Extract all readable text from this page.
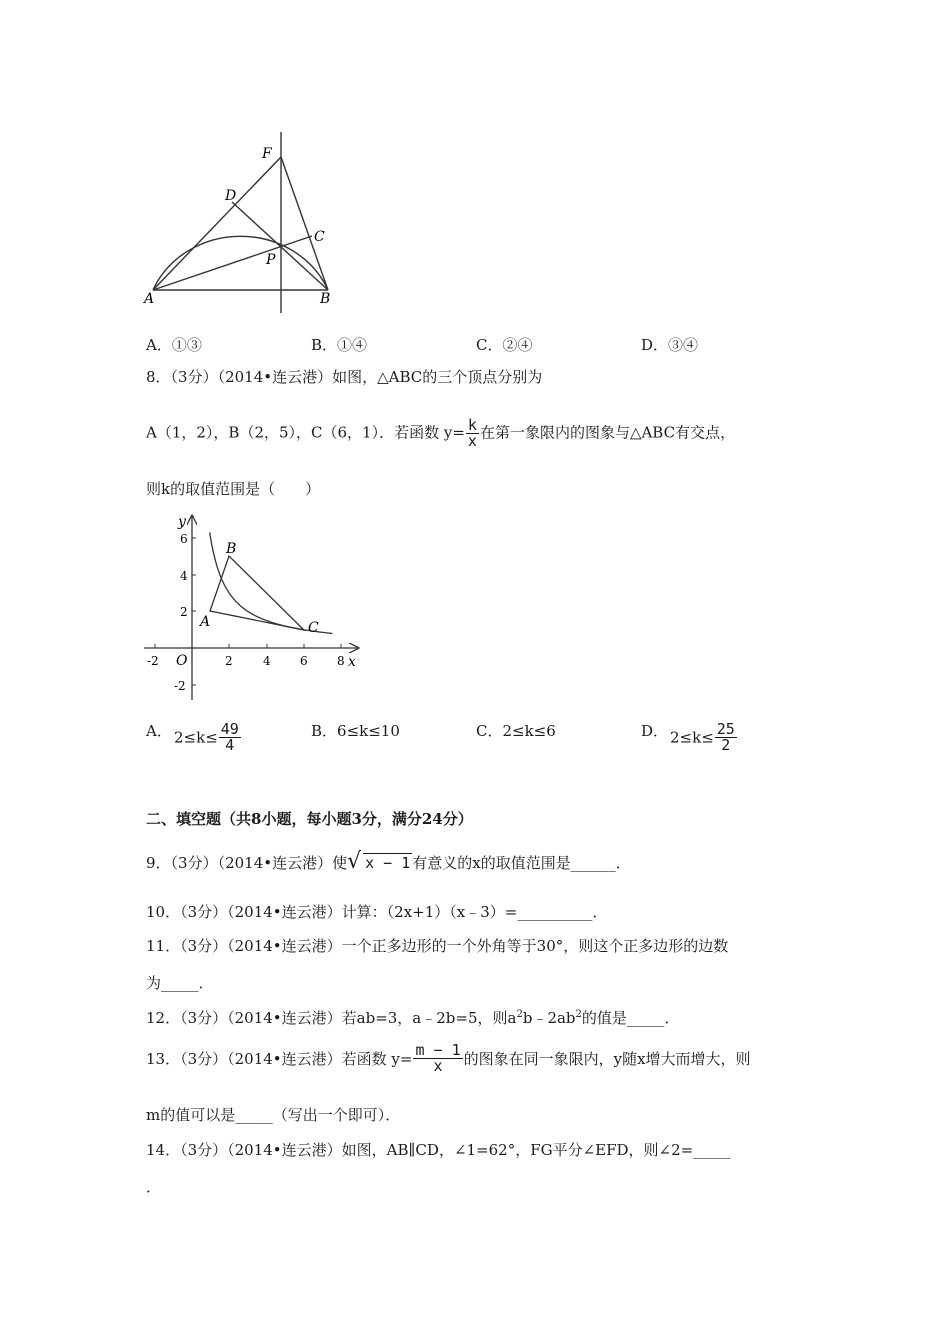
F
D
C
P
A	B
A．①③	B．①④	C．②④	D．③④
8．（3分）（2014•连云港）如图，△ABC的三个顶点分别为
A（1，2），B（2，5），C（6，1）．若函数 $y= \frac{k}{x}$ 在第一象限内的图象与△ABC有交点，
则k的取值范围是（　　）
y
x
O
-2	2	4 6 8
6
4
2
-2
A
B
C
A． $2\le k\le \frac{49}{4}$	B．6≤k≤10	C．2≤k≤6	D． $2\le k\le \frac{25}{2}$
二、填空题（共8小题，每小题3分，满分24分）
9．（3分）（2014•连云港）使 √ x − 1 有意义的x的取值范围是______．
10．（3分）（2014•连云港）计算：（2x+1）（x﹣3）=__________．
11．（3分）（2014•连云港）一个正多边形的一个外角等于30°，则这个正多边形的边数
为_____．
12．（3分）（2014•连云港）若ab=3，a﹣2b=5，则$a^2b﹣2ab^2$的值是_____．
13．（3分）（2014•连云港）若函数 $y= \frac{m - 1}{x}$ 的图象在同一象限内，y随x增大而增大，则
m的值可以是_____（写出一个即可）．
14．（3分）（2014•连云港）如图，AB∥CD，∠1=62°，FG平分∠EFD，则∠2=_____
．
